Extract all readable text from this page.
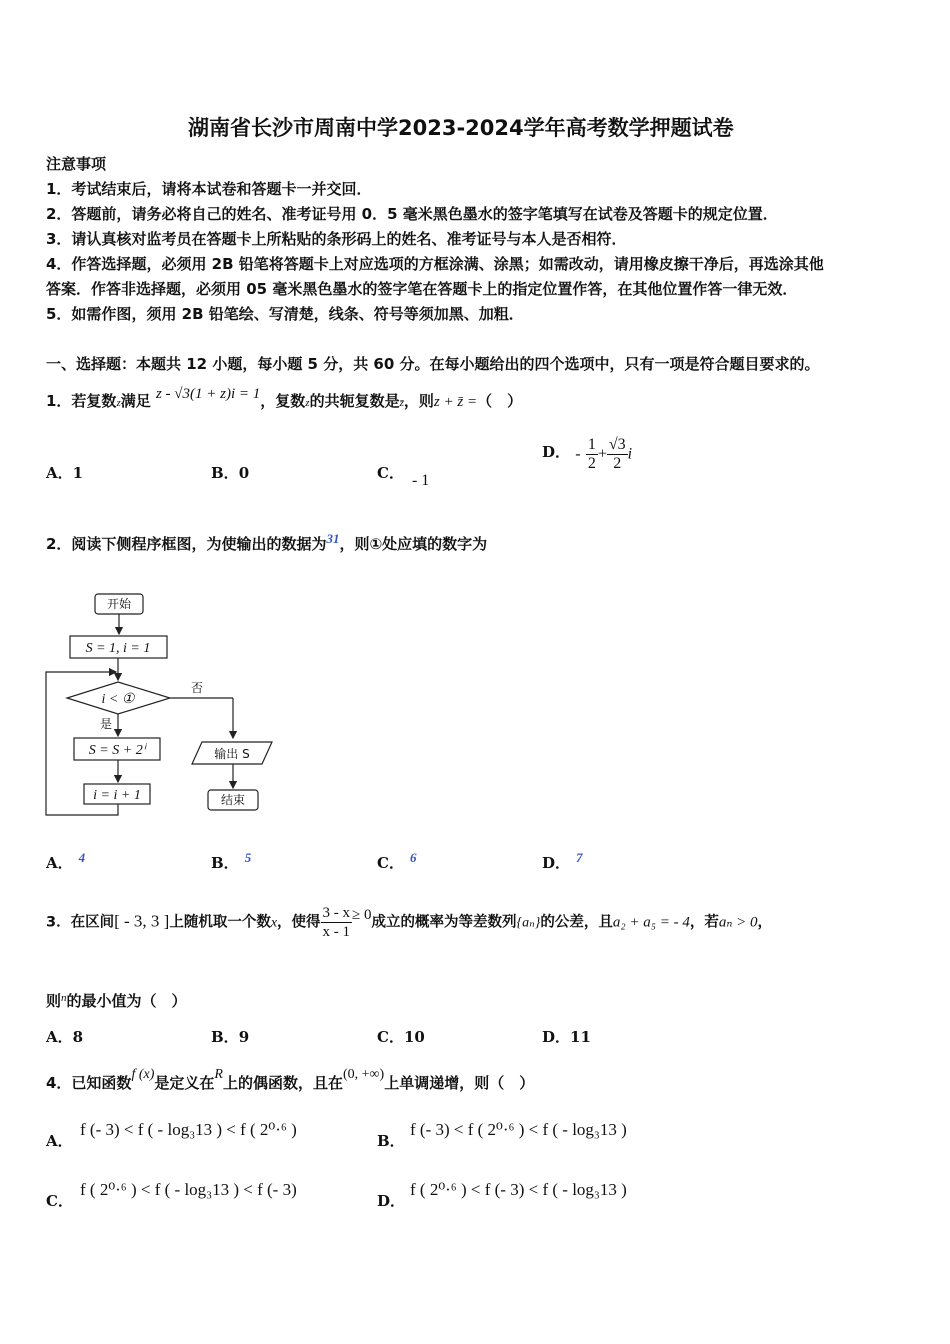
湖南省长沙市周南中学2023-2024学年高考数学押题试卷
注意事项
1．考试结束后，请将本试卷和答题卡一并交回．
2．答题前，请务必将自己的姓名、准考证号用 0．5 毫米黑色墨水的签字笔填写在试卷及答题卡的规定位置．
3．请认真核对监考员在答题卡上所粘贴的条形码上的姓名、准考证号与本人是否相符．
4．作答选择题，必须用 2B 铅笔将答题卡上对应选项的方框涂满、涂黑；如需改动，请用橡皮擦干净后，再选涂其他
答案．作答非选择题，必须用 05 毫米黑色墨水的签字笔在答题卡上的指定位置作答，在其他位置作答一律无效．
5．如需作图，须用 2B 铅笔绘、写清楚，线条、符号等须加黑、加粗．
一、选择题：本题共 12 小题，每小题 5 分，共 60 分。在每小题给出的四个选项中，只有一项是符合题目要求的。
1．若复数z满足 z - √3(1 + z)i = 1，复数z的共轭复数是z̄，则z + z̄ =（　）
A．1	B．0	C． - 1
D． - $\frac{1}{2} + \frac{√3}{2}$ i
2．阅读下侧程序框图，为使输出的数据为31，则①处应填的数字为
开始
S = 1, i = 1
i < ①
否
输出 S
结束
是
S = S + 2ⁱ
i = i + 1
A． 4	B． 5	C． 6	D． 7
3．在区间[ - 3, 3 ]上随机取一个数x，使得 $\frac{3 - x}{x - 1} \ge 0$成立的概率为等差数列{aₙ}的公差，且a₂ + a₅ = - 4，若aₙ > 0，
则$^n$的最小值为（　）
A．8	B．9	C．10	D．11
4．已知函数f (x)是定义在R上的偶函数，且在(0, +∞)上单调递增，则（　）
A．
f (- 3) < f ( - log₃13 ) < f ( 2⁰·⁶ )
B．
f (- 3) < f ( 2⁰·⁶ ) < f ( - log₃13 )
C．
f ( 2⁰·⁶ ) < f ( - log₃13 ) < f (- 3)
D．
f ( 2⁰·⁶ ) < f (- 3) < f ( - log₃13 )
